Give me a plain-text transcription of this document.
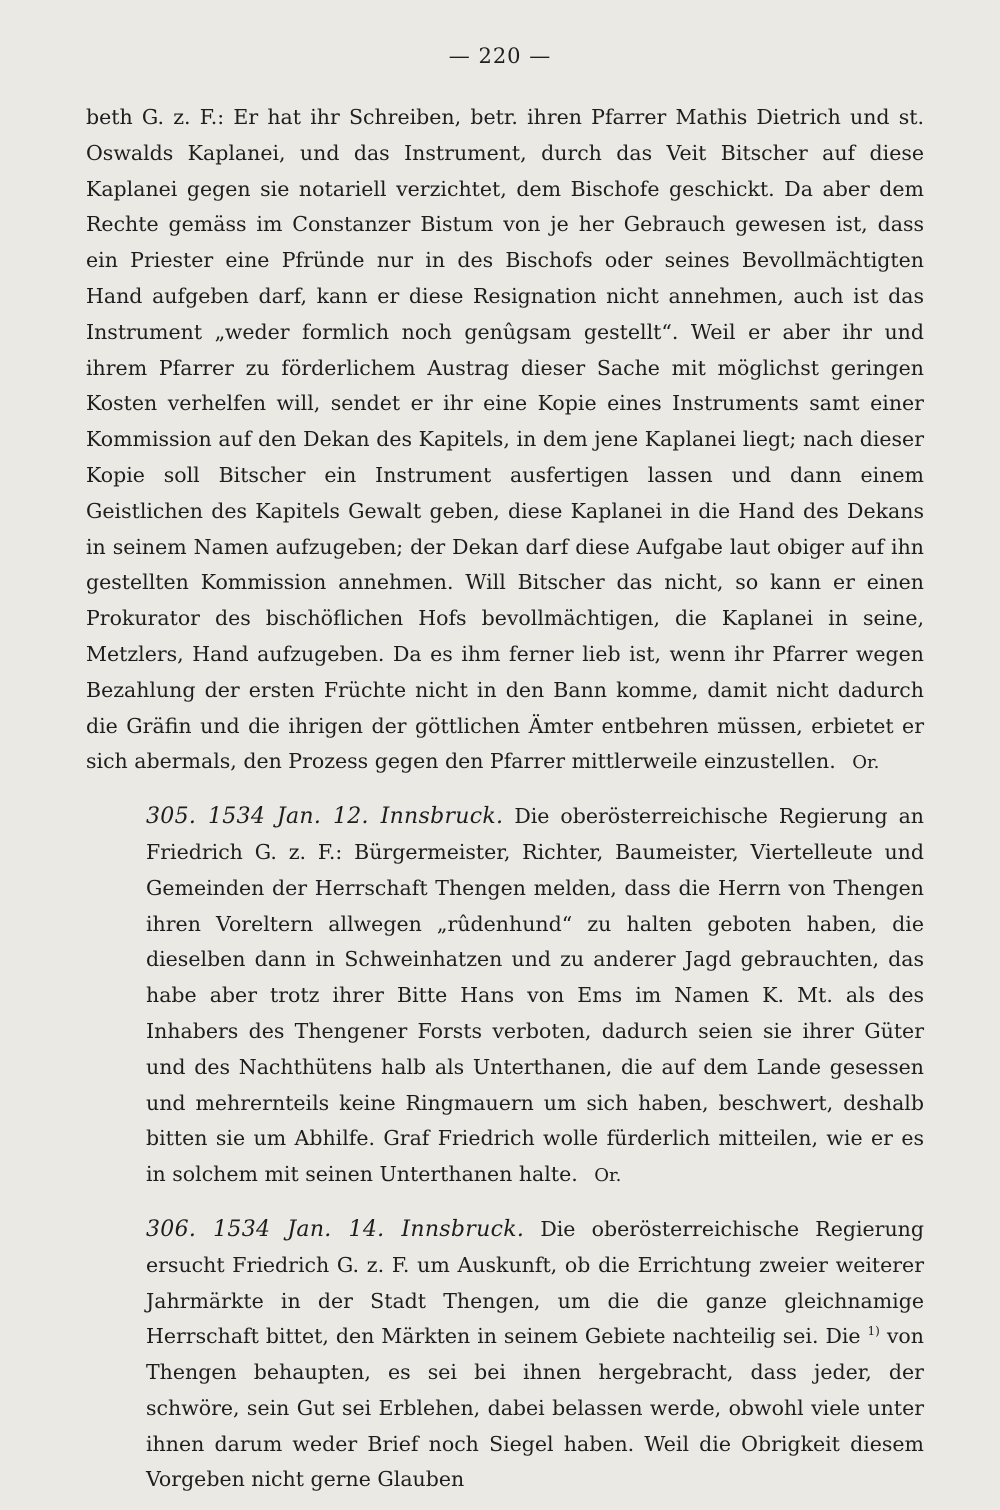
— 220 —

beth G. z. F.: Er hat ihr Schreiben, betr. ihren Pfarrer Mathis Dietrich und st. Oswalds Kaplanei, und das Instrument, durch das Veit Bitscher auf diese Kaplanei gegen sie notariell verzichtet, dem Bischofe geschickt. Da aber dem Rechte gemäss im Constanzer Bistum von je her Gebrauch gewesen ist, dass ein Priester eine Pfründe nur in des Bischofs oder seines Bevollmächtigten Hand aufgeben darf, kann er diese Resignation nicht annehmen, auch ist das Instrument „weder formlich noch genûgsam gestellt“. Weil er aber ihr und ihrem Pfarrer zu förderlichem Austrag dieser Sache mit möglichst geringen Kosten verhelfen will, sendet er ihr eine Kopie eines Instruments samt einer Kommission auf den Dekan des Kapitels, in dem jene Kaplanei liegt; nach dieser Kopie soll Bitscher ein Instrument ausfertigen lassen und dann einem Geistlichen des Kapitels Gewalt geben, diese Kaplanei in die Hand des Dekans in seinem Namen aufzugeben; der Dekan darf diese Aufgabe laut obiger auf ihn gestellten Kommission annehmen. Will Bitscher das nicht, so kann er einen Prokurator des bischöflichen Hofs bevollmächtigen, die Kaplanei in seine, Metzlers, Hand aufzugeben. Da es ihm ferner lieb ist, wenn ihr Pfarrer wegen Bezahlung der ersten Früchte nicht in den Bann komme, damit nicht dadurch die Gräfin und die ihrigen der göttlichen Ämter entbehren müssen, erbietet er sich abermals, den Prozess gegen den Pfarrer mittlerweile einzustellen. Or.

305. 1534 Jan. 12. Innsbruck. Die oberösterreichische Regierung an Friedrich G. z. F.: Bürgermeister, Richter, Baumeister, Viertelleute und Gemeinden der Herrschaft Thengen melden, dass die Herrn von Thengen ihren Voreltern allwegen „rûdenhund“ zu halten geboten haben, die dieselben dann in Schweinhatzen und zu anderer Jagd gebrauchten, das habe aber trotz ihrer Bitte Hans von Ems im Namen K. Mt. als des Inhabers des Thengener Forsts verboten, dadurch seien sie ihrer Güter und des Nachthütens halb als Unterthanen, die auf dem Lande gesessen und mehrernteils keine Ringmauern um sich haben, beschwert, deshalb bitten sie um Abhilfe. Graf Friedrich wolle fürderlich mitteilen, wie er es in solchem mit seinen Unterthanen halte. Or.

306. 1534 Jan. 14. Innsbruck. Die oberösterreichische Regierung ersucht Friedrich G. z. F. um Auskunft, ob die Errichtung zweier weiterer Jahrmärkte in der Stadt Thengen, um die die ganze gleichnamige Herrschaft bittet, den Märkten in seinem Gebiete nachteilig sei. Die $^{1)}$ von Thengen behaupten, es sei bei ihnen hergebracht, dass jeder, der schwöre, sein Gut sei Erblehen, dabei belassen werde, obwohl viele unter ihnen darum weder Brief noch Siegel haben. Weil die Obrigkeit diesem Vorgeben nicht gerne Glauben
